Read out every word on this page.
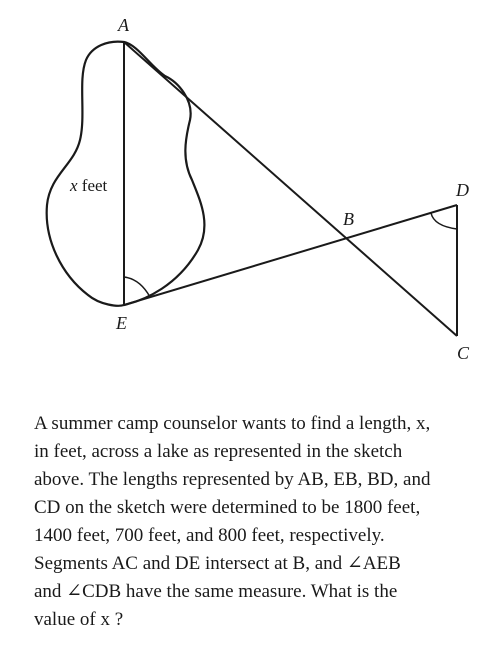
A
B
C
D
E
x feet

A summer camp counselor wants to find a length, x,
in feet, across a lake as represented in the sketch
above. The lengths represented by AB, EB, BD, and
CD on the sketch were determined to be 1800 feet,
1400 feet, 700 feet, and 800 feet, respectively.
Segments AC and DE intersect at B, and ∠AEB
and ∠CDB have the same measure. What is the
value of x ?
